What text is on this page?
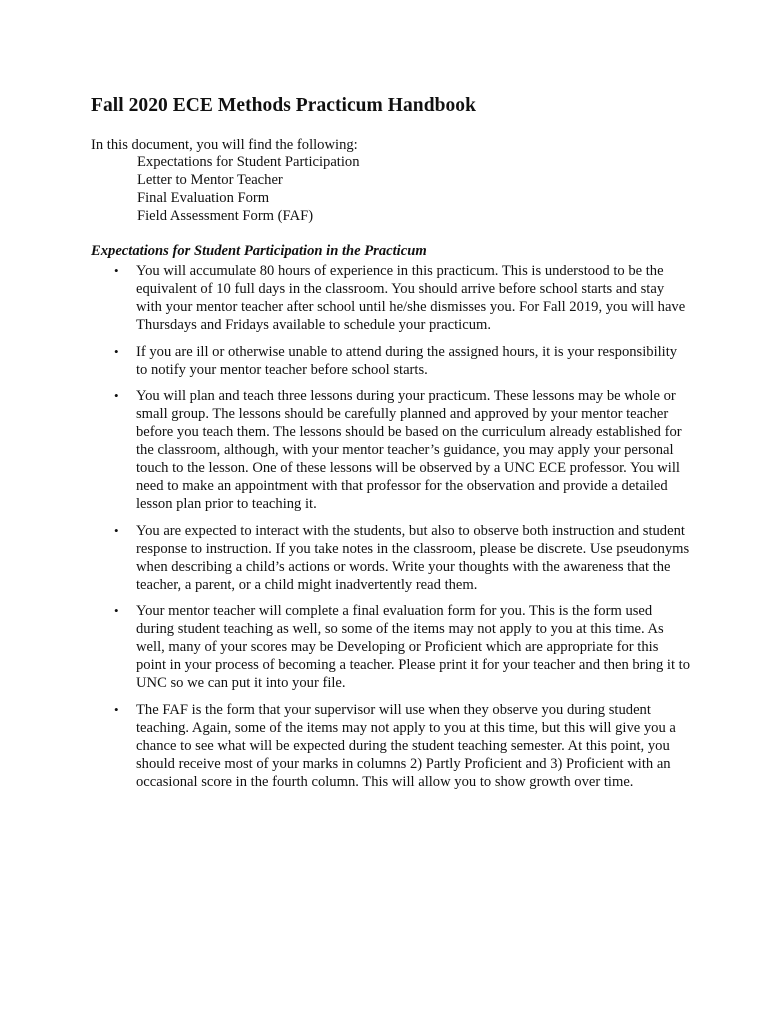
Fall 2020 ECE Methods Practicum Handbook

In this document, you will find the following:

Expectations for Student Participation
Letter to Mentor Teacher
Final Evaluation Form
Field Assessment Form (FAF)
Expectations for Student Participation in the Practicum
• You will accumulate 80 hours of experience in this practicum. This is understood to be the equivalent of 10 full days in the classroom. You should arrive before school starts and stay with your mentor teacher after school until he/she dismisses you. For Fall 2019, you will have Thursdays and Fridays available to schedule your practicum.
• If you are ill or otherwise unable to attend during the assigned hours, it is your responsibility to notify your mentor teacher before school starts.
• You will plan and teach three lessons during your practicum. These lessons may be whole or small group. The lessons should be carefully planned and approved by your mentor teacher before you teach them. The lessons should be based on the curriculum already established for the classroom, although, with your mentor teacher’s guidance, you may apply your personal touch to the lesson. One of these lessons will be observed by a UNC ECE professor. You will need to make an appointment with that professor for the observation and provide a detailed lesson plan prior to teaching it.
• You are expected to interact with the students, but also to observe both instruction and student response to instruction. If you take notes in the classroom, please be discrete. Use pseudonyms when describing a child’s actions or words. Write your thoughts with the awareness that the teacher, a parent, or a child might inadvertently read them.
• Your mentor teacher will complete a final evaluation form for you. This is the form used during student teaching as well, so some of the items may not apply to you at this time. As well, many of your scores may be Developing or Proficient which are appropriate for this point in your process of becoming a teacher. Please print it for your teacher and then bring it to UNC so we can put it into your file.
• The FAF is the form that your supervisor will use when they observe you during student teaching. Again, some of the items may not apply to you at this time, but this will give you a chance to see what will be expected during the student teaching semester. At this point, you should receive most of your marks in columns 2) Partly Proficient and 3) Proficient with an occasional score in the fourth column. This will allow you to show growth over time.
